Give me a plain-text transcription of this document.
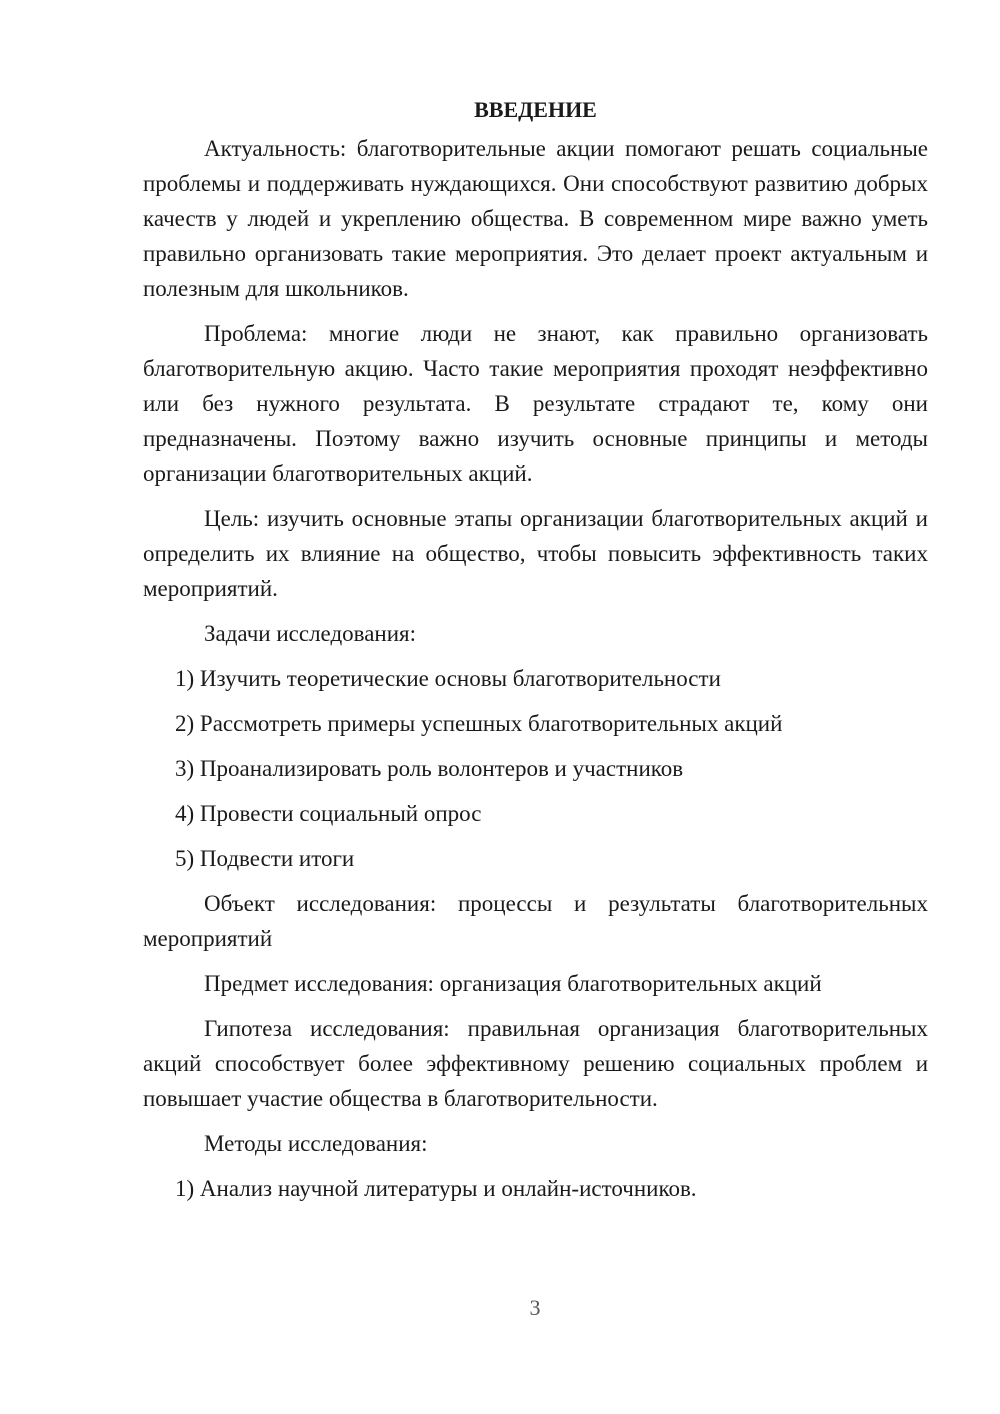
ВВЕДЕНИЕ

Актуальность: благотворительные акции помогают решать социальные проблемы и поддерживать нуждающихся. Они способствуют развитию добрых качеств у людей и укреплению общества. В современном мире важно уметь правильно организовать такие мероприятия. Это делает проект актуальным и полезным для школьников.

Проблема: многие люди не знают, как правильно организовать благотворительную акцию. Часто такие мероприятия проходят неэффективно или без нужного результата. В результате страдают те, кому они предназначены. Поэтому важно изучить основные принципы и методы организации благотворительных акций.

Цель: изучить основные этапы организации благотворительных акций и определить их влияние на общество, чтобы повысить эффективность таких мероприятий.

Задачи исследования:

1) Изучить теоретические основы благотворительности

2) Рассмотреть примеры успешных благотворительных акций

3) Проанализировать роль волонтеров и участников

4) Провести социальный опрос

5) Подвести итоги

Объект исследования: процессы и результаты благотворительных мероприятий

Предмет исследования: организация благотворительных акций

Гипотеза исследования: правильная организация благотворительных акций способствует более эффективному решению социальных проблем и повышает участие общества в благотворительности.

Методы исследования:

1) Анализ научной литературы и онлайн-источников.

3
